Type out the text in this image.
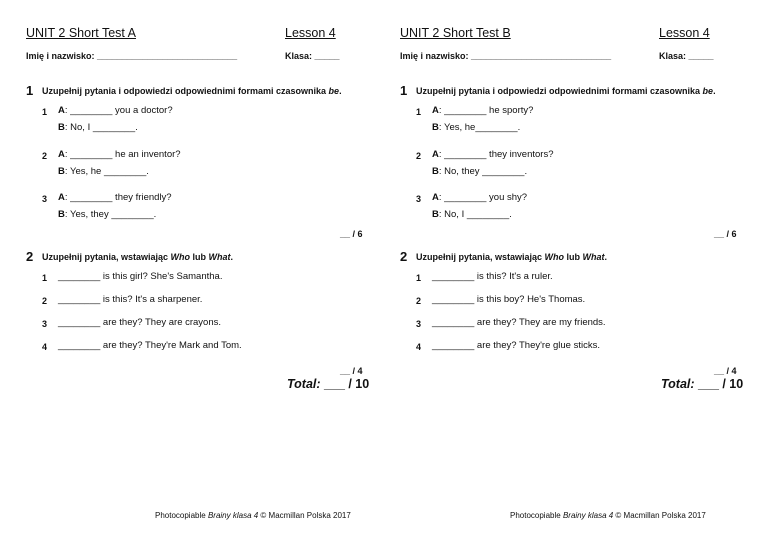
UNIT 2 Short Test A	Lesson 4
Imię i nazwisko: ____________________________	Klasa: _____
1 Uzupełnij pytania i odpowiedzi odpowiednimi formami czasownika be.
1 A: ________ you a doctor?
B: No, I ________.
2 A: ________ he an inventor?
B: Yes, he ________.
3 A: ________ they friendly?
B: Yes, they ________.
__ / 6
2 Uzupełnij pytania, wstawiając Who lub What.
1 ________ is this girl? She's Samantha.
2 ________ is this? It's a sharpener.
3 ________ are they? They are crayons.
4 ________ are they? They're Mark and Tom.
__ / 4
Total: ___ / 10
Photocopiable Brainy klasa 4 © Macmillan Polska 2017
UNIT 2 Short Test B	Lesson 4
Imię i nazwisko: ____________________________	Klasa: _____
1 Uzupełnij pytania i odpowiedzi odpowiednimi formami czasownika be.
1 A: ________ he sporty?
B: Yes, he________.
2 A: ________ they inventors?
B: No, they ________.
3 A: ________ you shy?
B: No, I ________.
__ / 6
2 Uzupełnij pytania, wstawiając Who lub What.
1 ________ is this? It's a ruler.
2 ________ is this boy? He's Thomas.
3 ________ are they? They are my friends.
4 ________ are they? They're glue sticks.
__ / 4
Total: ___ / 10
Photocopiable Brainy klasa 4 © Macmillan Polska 2017
